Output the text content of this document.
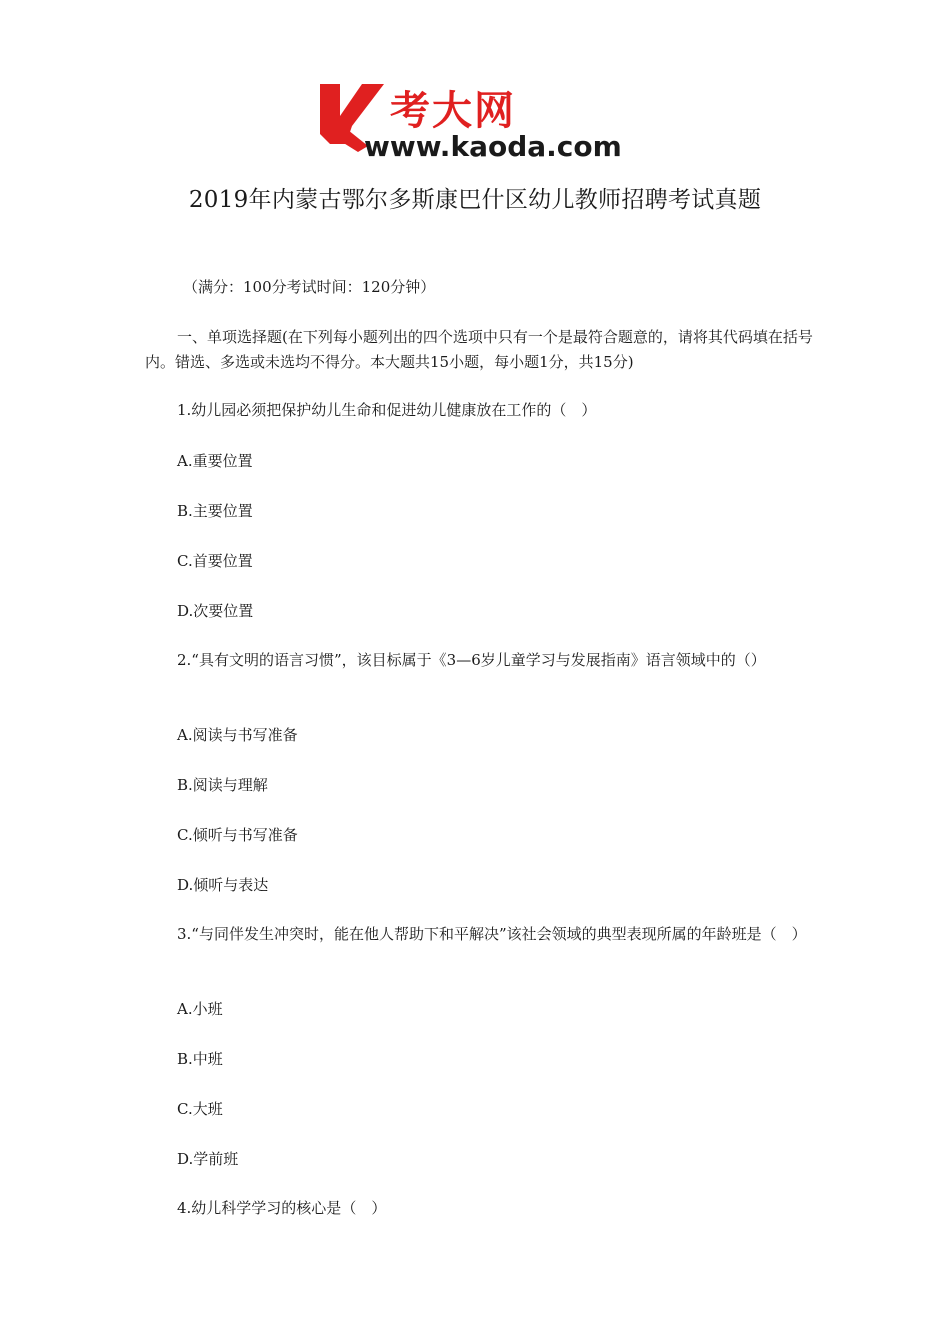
考大网
www.kaoda.com
2019年内蒙古鄂尔多斯康巴什区幼儿教师招聘考试真题
（满分：100分考试时间：120分钟）
一、单项选择题(在下列每小题列出的四个选项中只有一个是最符合题意的，请将其代码填在括号内。错选、多选或未选均不得分。本大题共15小题，每小题1分，共15分)
1.幼儿园必须把保护幼儿生命和促进幼儿健康放在工作的（　）
A.重要位置
B.主要位置
C.首要位置
D.次要位置
2.“具有文明的语言习惯”，该目标属于《3—6岁儿童学习与发展指南》语言领域中的（）
A.阅读与书写准备
B.阅读与理解
C.倾听与书写准备
D.倾听与表达
3.“与同伴发生冲突时，能在他人帮助下和平解决”该社会领域的典型表现所属的年龄班是（　）
A.小班
B.中班
C.大班
D.学前班
4.幼儿科学学习的核心是（　）
